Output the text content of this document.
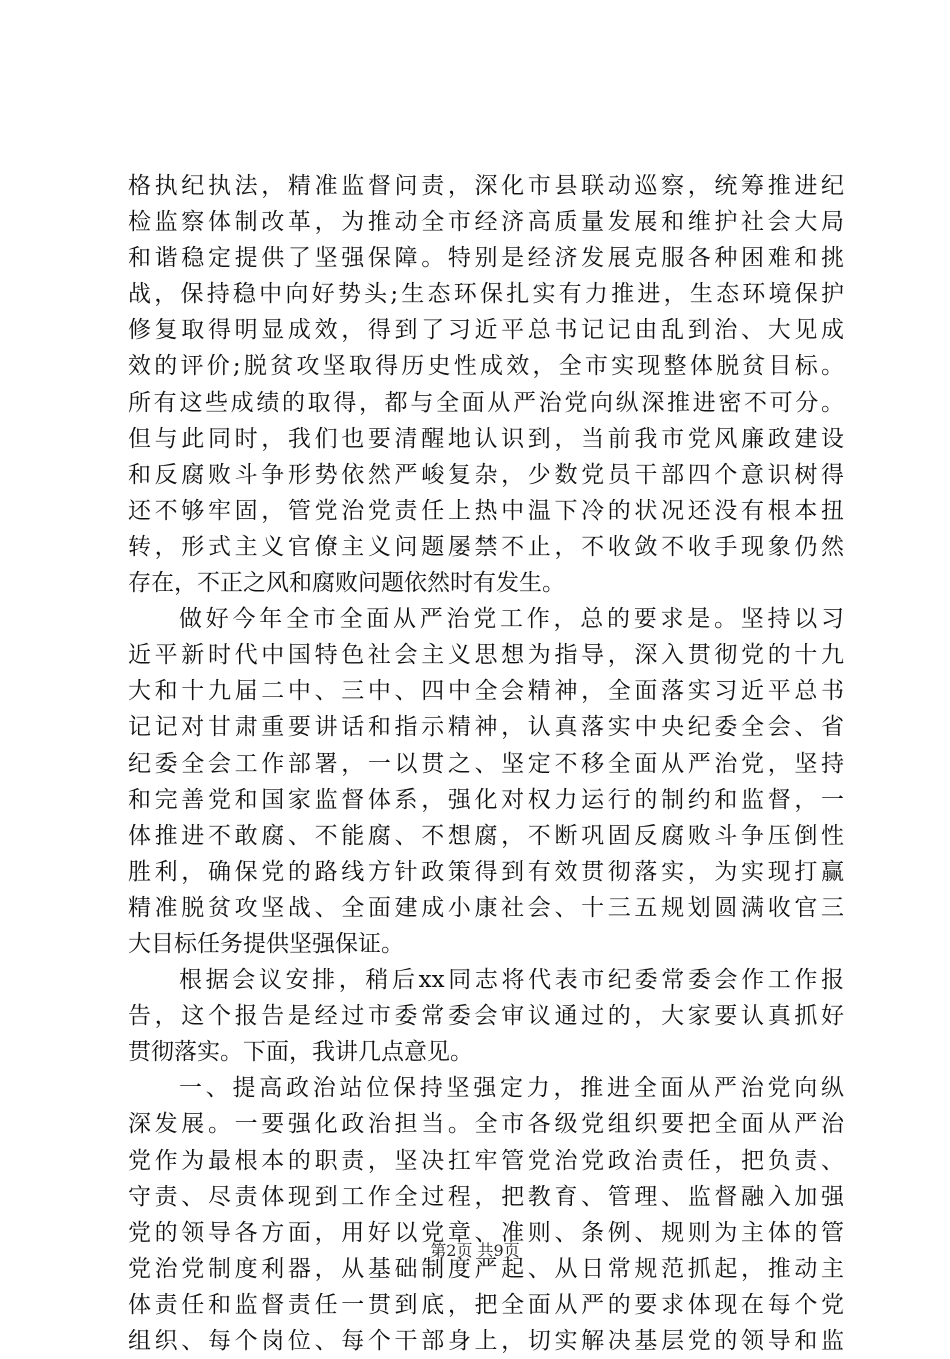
格执纪执法，精准监督问责，深化市县联动巡察，统筹推进纪
检监察体制改革，为推动全市经济高质量发展和维护社会大局
和谐稳定提供了坚强保障。特别是经济发展克服各种困难和挑
战，保持稳中向好势头;生态环保扎实有力推进，生态环境保护
修复取得明显成效，得到了习近平总书记记由乱到治、大见成
效的评价;脱贫攻坚取得历史性成效，全市实现整体脱贫目标。
所有这些成绩的取得，都与全面从严治党向纵深推进密不可分。
但与此同时，我们也要清醒地认识到，当前我市党风廉政建设
和反腐败斗争形势依然严峻复杂，少数党员干部四个意识树得
还不够牢固，管党治党责任上热中温下冷的状况还没有根本扭
转，形式主义官僚主义问题屡禁不止，不收敛不收手现象仍然
存在，不正之风和腐败问题依然时有发生。
做好今年全市全面从严治党工作，总的要求是。坚持以习
近平新时代中国特色社会主义思想为指导，深入贯彻党的十九
大和十九届二中、三中、四中全会精神，全面落实习近平总书
记记对甘肃重要讲话和指示精神，认真落实中央纪委全会、省
纪委全会工作部署，一以贯之、坚定不移全面从严治党，坚持
和完善党和国家监督体系，强化对权力运行的制约和监督，一
体推进不敢腐、不能腐、不想腐，不断巩固反腐败斗争压倒性
胜利，确保党的路线方针政策得到有效贯彻落实，为实现打赢
精准脱贫攻坚战、全面建成小康社会、十三五规划圆满收官三
大目标任务提供坚强保证。
根据会议安排，稍后xx同志将代表市纪委常委会作工作报
告，这个报告是经过市委常委会审议通过的，大家要认真抓好
贯彻落实。下面，我讲几点意见。
一、提高政治站位保持坚强定力，推进全面从严治党向纵
深发展。一要强化政治担当。全市各级党组织要把全面从严治
党作为最根本的职责，坚决扛牢管党治党政治责任，把负责、
守责、尽责体现到工作全过程，把教育、管理、监督融入加强
党的领导各方面，用好以党章、准则、条例、规则为主体的管
党治党制度利器，从基础制度严起、从日常规范抓起，推动主
体责任和监督责任一贯到底，把全面从严的要求体现在每个党
组织、每个岗位、每个干部身上，切实解决基层党的领导和监
第2页 共9页
